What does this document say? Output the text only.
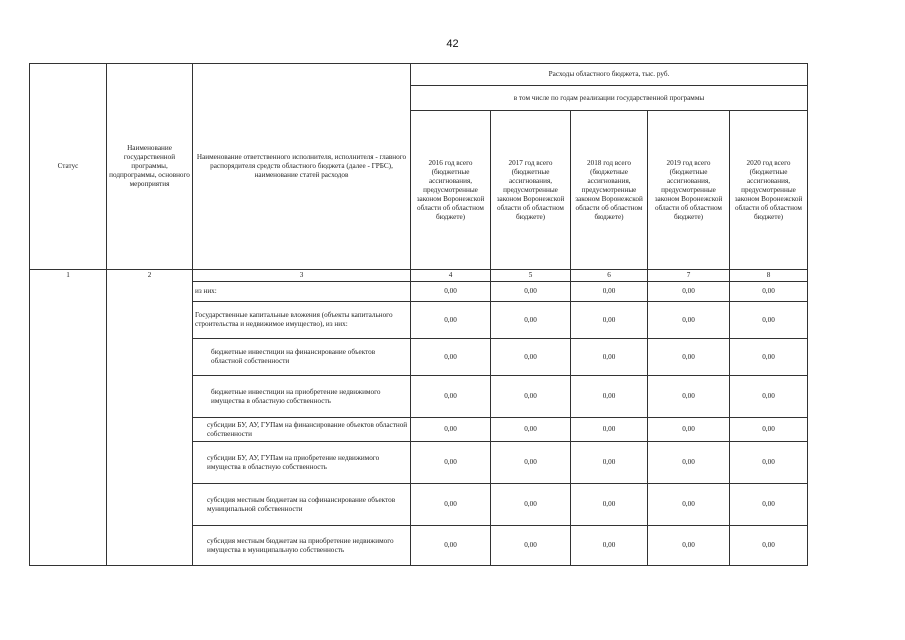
42
Статус	Наименование государственной программы, подпрограммы, основного мероприятия	Наименование ответственного исполнителя, исполнителя - главного распорядителя средств областного бюджета (далее - ГРБС), наименование статей расходов	Расходы областного бюджета, тыс. руб.				
			в том числе по годам реализации государственной программы				
			2016 год всего (бюджетные ассигнования, предусмотренные законом Воронежской области об областном бюджете)	2017 год всего (бюджетные ассигнования, предусмотренные законом Воронежской области об областном бюджете)	2018 год всего (бюджетные ассигнования, предусмотренные законом Воронежской области об областном бюджете)	2019 год всего (бюджетные ассигнования, предусмотренные законом Воронежской области об областном бюджете)	2020 год всего (бюджетные ассигнования, предусмотренные законом Воронежской области об областном бюджете)
1	2	3	4	5	6	7	8
		из них:	0,00	0,00	0,00	0,00	0,00
		Государственные капитальные вложения (объекты капитального строительства и недвижимое имущество), из них:	0,00	0,00	0,00	0,00	0,00
		бюджетные инвестиции на финансирование объектов областной собственности	0,00	0,00	0,00	0,00	0,00
		бюджетные инвестиции на приобретение недвижимого имущества в областную собственность	0,00	0,00	0,00	0,00	0,00
		субсидии БУ, АУ, ГУПам на финансирование объектов областной собственности	0,00	0,00	0,00	0,00	0,00
		субсидии БУ, АУ, ГУПам на приобретение недвижимого имущества в областную собственность	0,00	0,00	0,00	0,00	0,00
		субсидия местным бюджетам на софинансирование объектов муниципальной собственности	0,00	0,00	0,00	0,00	0,00
		субсидия местным бюджетам на приобретение недвижимого имущества в муниципальную собственность	0,00	0,00	0,00	0,00	0,00
